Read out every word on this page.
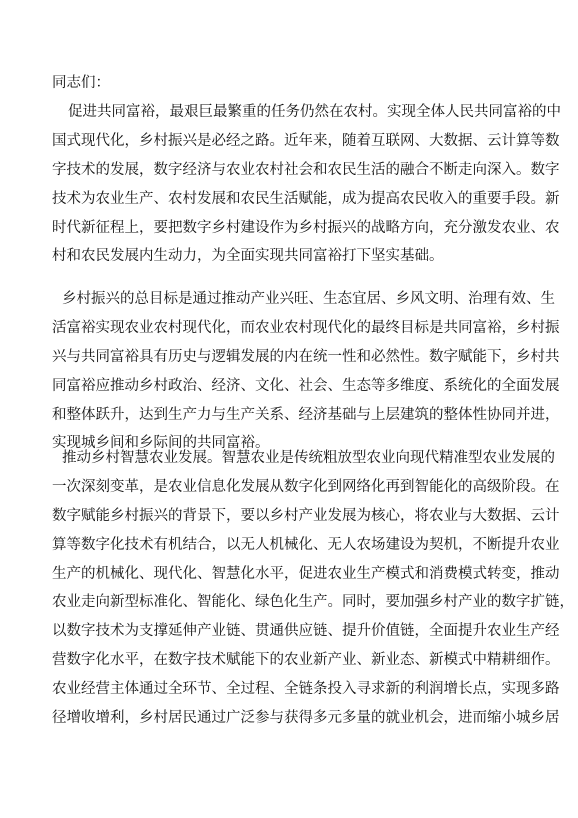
同志们：
促进共同富裕，最艰巨最繁重的任务仍然在农村。实现全体人民共同富裕的中
国式现代化，乡村振兴是必经之路。近年来，随着互联网、大数据、云计算等数
字技术的发展，数字经济与农业农村社会和农民生活的融合不断走向深入。数字
技术为农业生产、农村发展和农民生活赋能，成为提高农民收入的重要手段。新
时代新征程上，要把数字乡村建设作为乡村振兴的战略方向，充分激发农业、农
村和农民发展内生动力，为全面实现共同富裕打下坚实基础。
乡村振兴的总目标是通过推动产业兴旺、生态宜居、乡风文明、治理有效、生
活富裕实现农业农村现代化，而农业农村现代化的最终目标是共同富裕，乡村振
兴与共同富裕具有历史与逻辑发展的内在统一性和必然性。数字赋能下，乡村共
同富裕应推动乡村政治、经济、文化、社会、生态等多维度、系统化的全面发展
和整体跃升，达到生产力与生产关系、经济基础与上层建筑的整体性协同并进，
实现城乡间和乡际间的共同富裕。
推动乡村智慧农业发展。智慧农业是传统粗放型农业向现代精准型农业发展的
一次深刻变革，是农业信息化发展从数字化到网络化再到智能化的高级阶段。在
数字赋能乡村振兴的背景下，要以乡村产业发展为核心，将农业与大数据、云计
算等数字化技术有机结合，以无人机械化、无人农场建设为契机，不断提升农业
生产的机械化、现代化、智慧化水平，促进农业生产模式和消费模式转变，推动
农业走向新型标准化、智能化、绿色化生产。同时，要加强乡村产业的数字扩链，
以数字技术为支撑延伸产业链、贯通供应链、提升价值链，全面提升农业生产经
营数字化水平，在数字技术赋能下的农业新产业、新业态、新模式中精耕细作。
农业经营主体通过全环节、全过程、全链条投入寻求新的利润增长点，实现多路
径增收增利，乡村居民通过广泛参与获得多元多量的就业机会，进而缩小城乡居
